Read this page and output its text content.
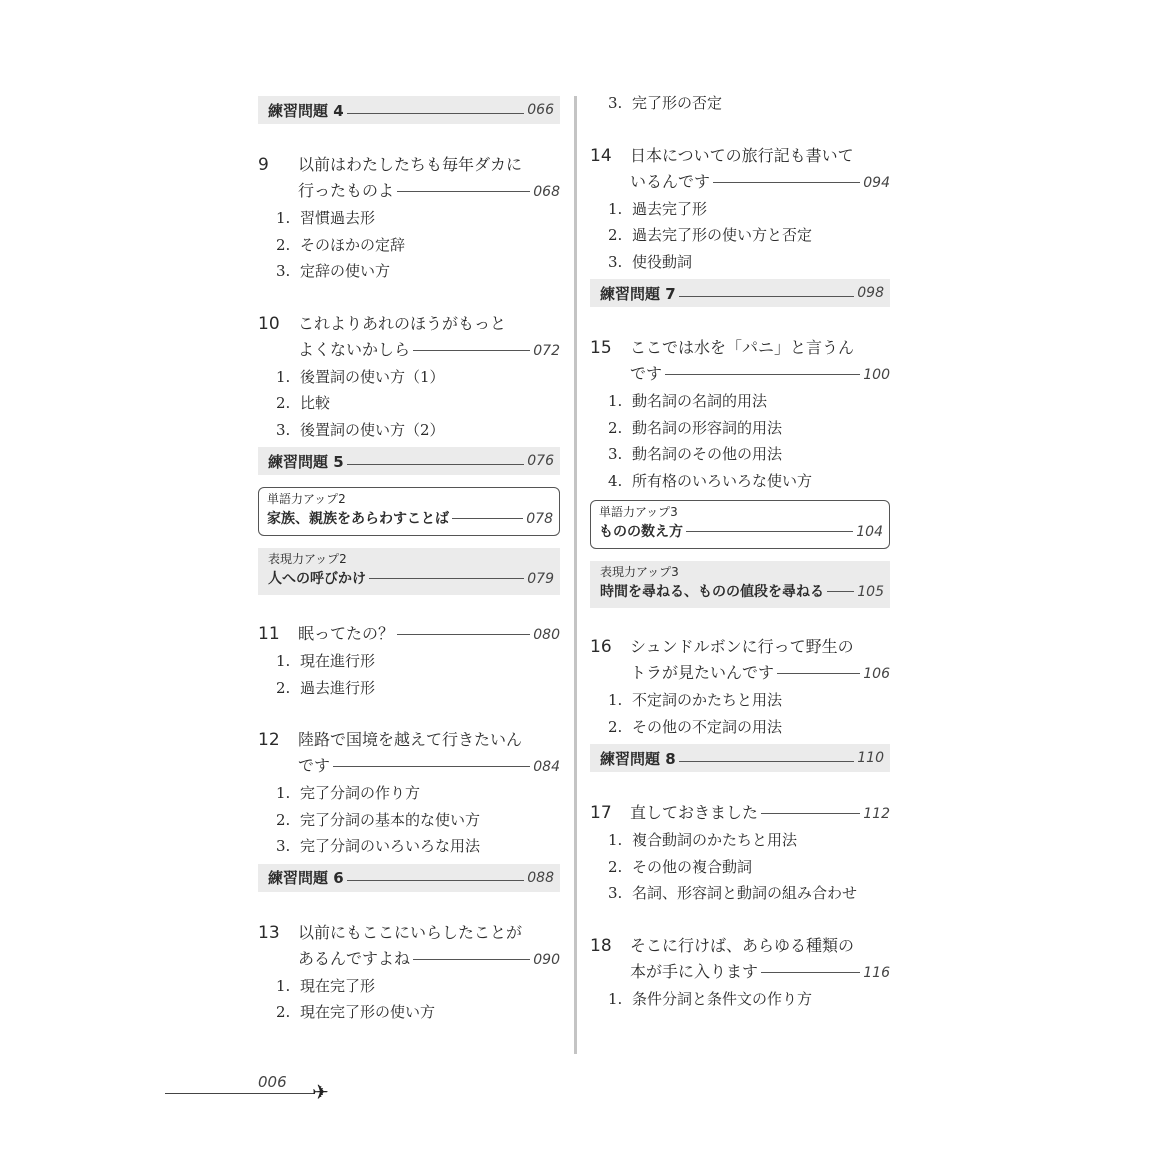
練習問題 4	066
9	以前はわたしたちも毎年ダカに
行ったものよ	068
1. 習慣過去形
2. そのほかの定辞
3. 定辞の使い方
10	これよりあれのほうがもっと
よくないかしら	072
1. 後置詞の使い方（1）
2. 比較
3. 後置詞の使い方（2）
練習問題 5	076
単語力アップ2
家族、親族をあらわすことば	078
表現力アップ2
人への呼びかけ	079
11	眠ってたの？	080
1. 現在進行形
2. 過去進行形
12	陸路で国境を越えて行きたいん
です	084
1. 完了分詞の作り方
2. 完了分詞の基本的な使い方
3. 完了分詞のいろいろな用法
練習問題 6	088
13	以前にもここにいらしたことが
あるんですよね	090
1. 現在完了形
2. 現在完了形の使い方
3. 完了形の否定
14	日本についての旅行記も書いて
いるんです	094
1. 過去完了形
2. 過去完了形の使い方と否定
3. 使役動詞
練習問題 7	098
15	ここでは水を「パニ」と言うん
です	100
1. 動名詞の名詞的用法
2. 動名詞の形容詞的用法
3. 動名詞のその他の用法
4. 所有格のいろいろな使い方
単語力アップ3
ものの数え方	104
表現力アップ3
時間を尋ねる、ものの値段を尋ねる 105
16	シュンドルボンに行って野生の
トラが見たいんです	106
1. 不定詞のかたちと用法
2. その他の不定詞の用法
練習問題 8	110
17	直しておきました	112
1. 複合動詞のかたちと用法
2. その他の複合動詞
3. 名詞、形容詞と動詞の組み合わせ
18	そこに行けば、あらゆる種類の
本が手に入ります	116
1. 条件分詞と条件文の作り方
006 ✈
